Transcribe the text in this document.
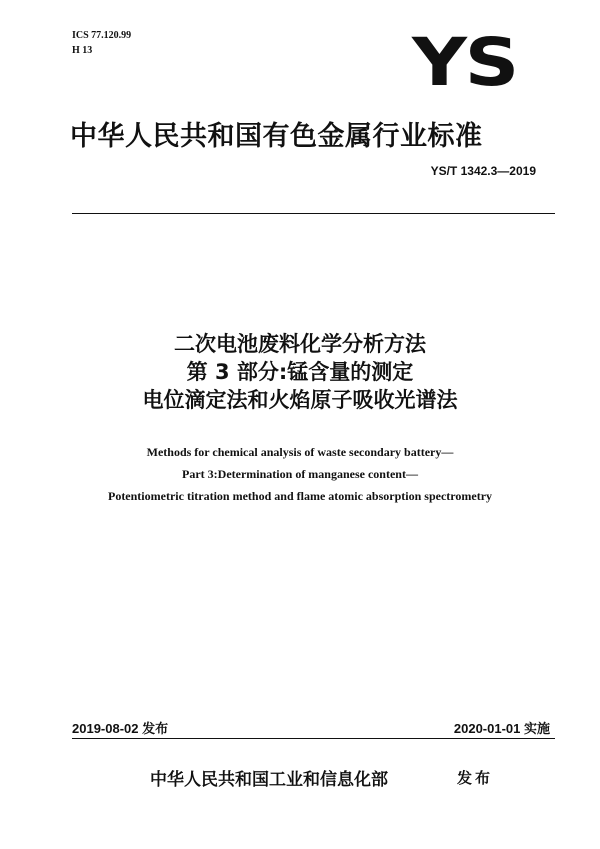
ICS 77.120.99
H 13	YS
中华人民共和国有色金属行业标准
YS/T 1342.3—2019
二次电池废料化学分析方法
第 3 部分:锰含量的测定
电位滴定法和火焰原子吸收光谱法
Methods for chemical analysis of waste secondary battery—
Part 3:Determination of manganese content—
Potentiometric titration method and flame atomic absorption spectrometry
2019-08-02 发布	2020-01-01 实施
中华人民共和国工业和信息化部	发布
